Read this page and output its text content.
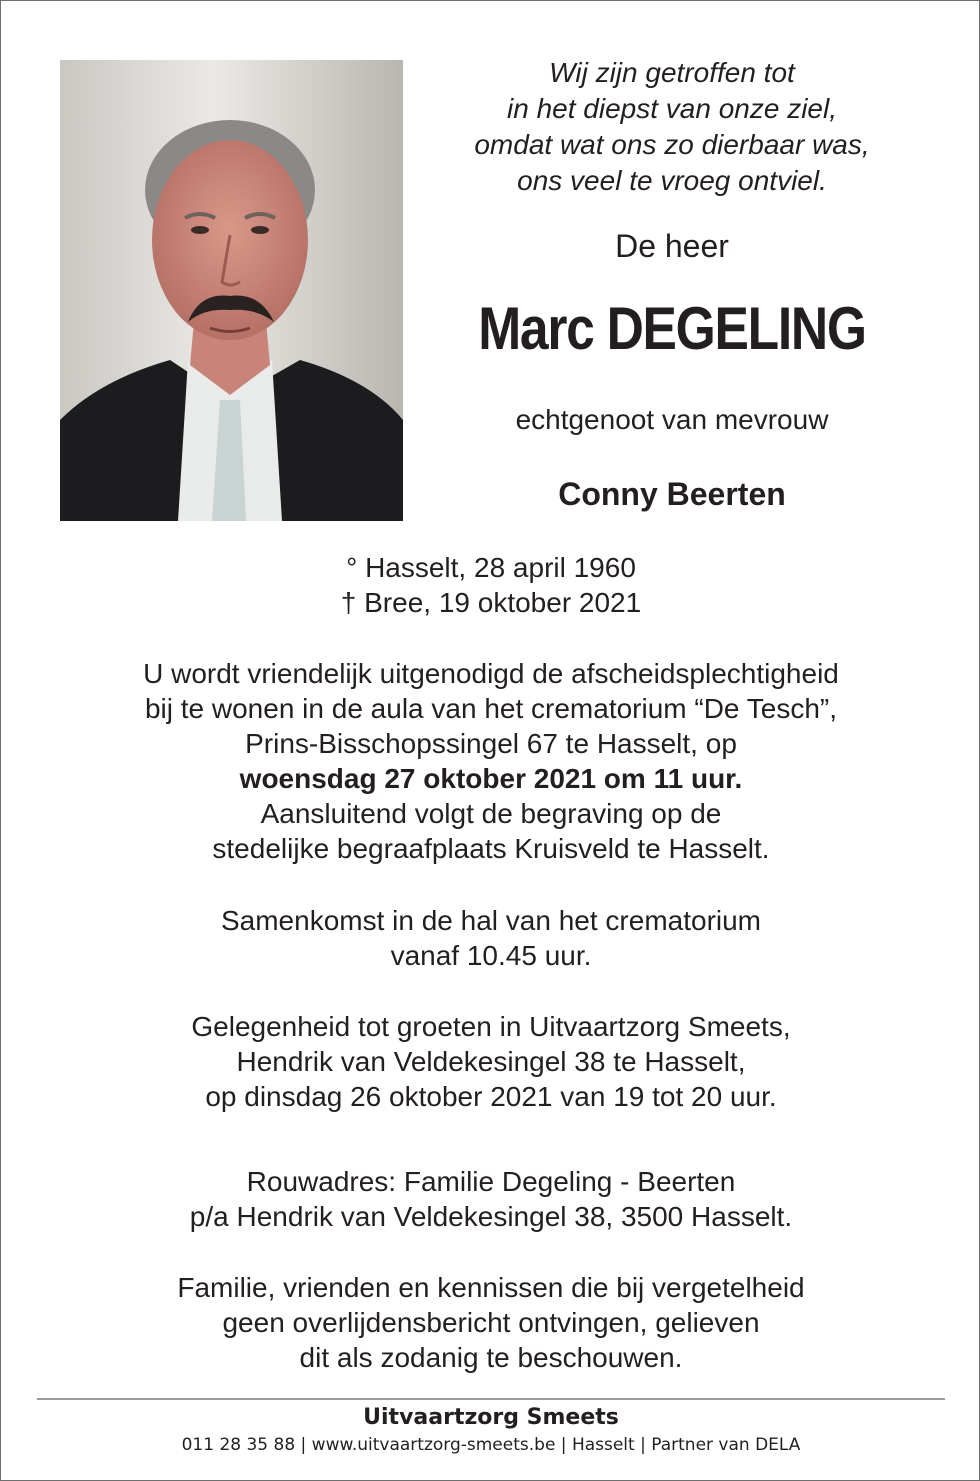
Wij zijn getroffen tot
in het diepst van onze ziel,
omdat wat ons zo dierbaar was,
ons veel te vroeg ontviel.
De heer
Marc DEGELING
echtgenoot van mevrouw
Conny Beerten
° Hasselt, 28 april 1960
† Bree, 19 oktober 2021
U wordt vriendelijk uitgenodigd de afscheidsplechtigheid
bij te wonen in de aula van het crematorium “De Tesch”,
Prins-Bisschopssingel 67 te Hasselt, op
woensdag 27 oktober 2021 om 11 uur.
Aansluitend volgt de begraving op de
stedelijke begraafplaats Kruisveld te Hasselt.
Samenkomst in de hal van het crematorium
vanaf 10.45 uur.
Gelegenheid tot groeten in Uitvaartzorg Smeets,
Hendrik van Veldekesingel 38 te Hasselt,
op dinsdag 26 oktober 2021 van 19 tot 20 uur.
Rouwadres: Familie Degeling - Beerten
p/a Hendrik van Veldekesingel 38, 3500 Hasselt.
Familie, vrienden en kennissen die bij vergetelheid
geen overlijdensbericht ontvingen, gelieven
dit als zodanig te beschouwen.
Uitvaartzorg Smeets
011 28 35 88 | www.uitvaartzorg-smeets.be | Hasselt | Partner van DELA
